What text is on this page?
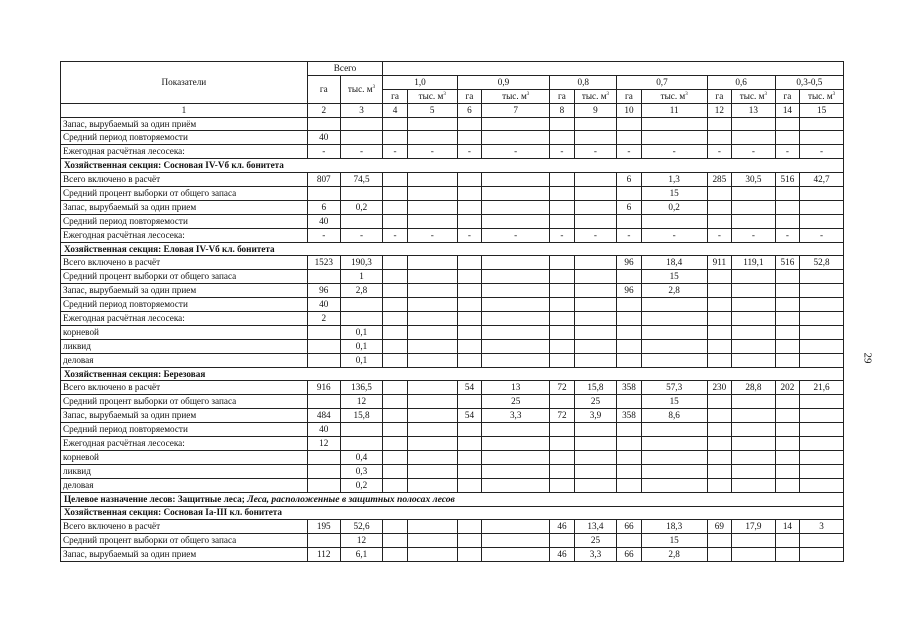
Показатели	Всего													
	га	тыс. $м^3$	1,0		0,9		0,8		0,7		0,6		0,3-0,5	
			га	тыс. $м^3$	га	тыс. $м^3$	га	тыс. $м^3$	га	тыс. $м^3$	га	тыс. $м^3$	га	тыс. $м^3$
1	2	3	4	5	6	7	8	9	10	11	12	13	14	15
Запас, вырубаемый за один приём														
Средний период повторяемости	40													
Ежегодная расчётная лесосека:	-	-	-	-	-	-	-	-	-	-	-	-	-	-
Хозяйственная секция: Сосновая IV-Vб кл. бонитета														
Всего включено в расчёт	807	74,5							6	1,3	285	30,5	516	42,7
Средний процент выборки от общего запаса										15				
Запас, вырубаемый за один прием	6	0,2							6	0,2				
Средний период повторяемости	40													
Ежегодная расчётная лесосека:	-	-	-	-	-	-	-	-	-	-	-	-	-	-
Хозяйственная секция: Еловая IV-Vб кл. бонитета														
Всего включено в расчёт	1523	190,3							96	18,4	911	119,1	516	52,8
Средний процент выборки от общего запаса		1								15				
Запас, вырубаемый за один прием	96	2,8							96	2,8				
Средний период повторяемости	40													
Ежегодная расчётная лесосека:	2													
корневой		0,1												
ликвид		0,1												
деловая		0,1												
Хозяйственная секция: Березовая														
Всего включено в расчёт	916	136,5			54	13	72	15,8	358	57,3	230	28,8	202	21,6
Средний процент выборки от общего запаса		12				25		25		15				
Запас, вырубаемый за один прием	484	15,8			54	3,3	72	3,9	358	8,6				
Средний период повторяемости	40													
Ежегодная расчётная лесосека:	12													
корневой		0,4												
ликвид		0,3												
деловая		0,2												
Целевое назначение лесов: Защитные леса; Леса, расположенные в защитных полосах лесов														
Хозяйственная секция: Сосновая Iа-III кл. бонитета														
Всего включено в расчёт	195	52,6					46	13,4	66	18,3	69	17,9	14	3
Средний процент выборки от общего запаса		12						25		15				
Запас, вырубаемый за один прием	112	6,1					46	3,3	66	2,8				
29
